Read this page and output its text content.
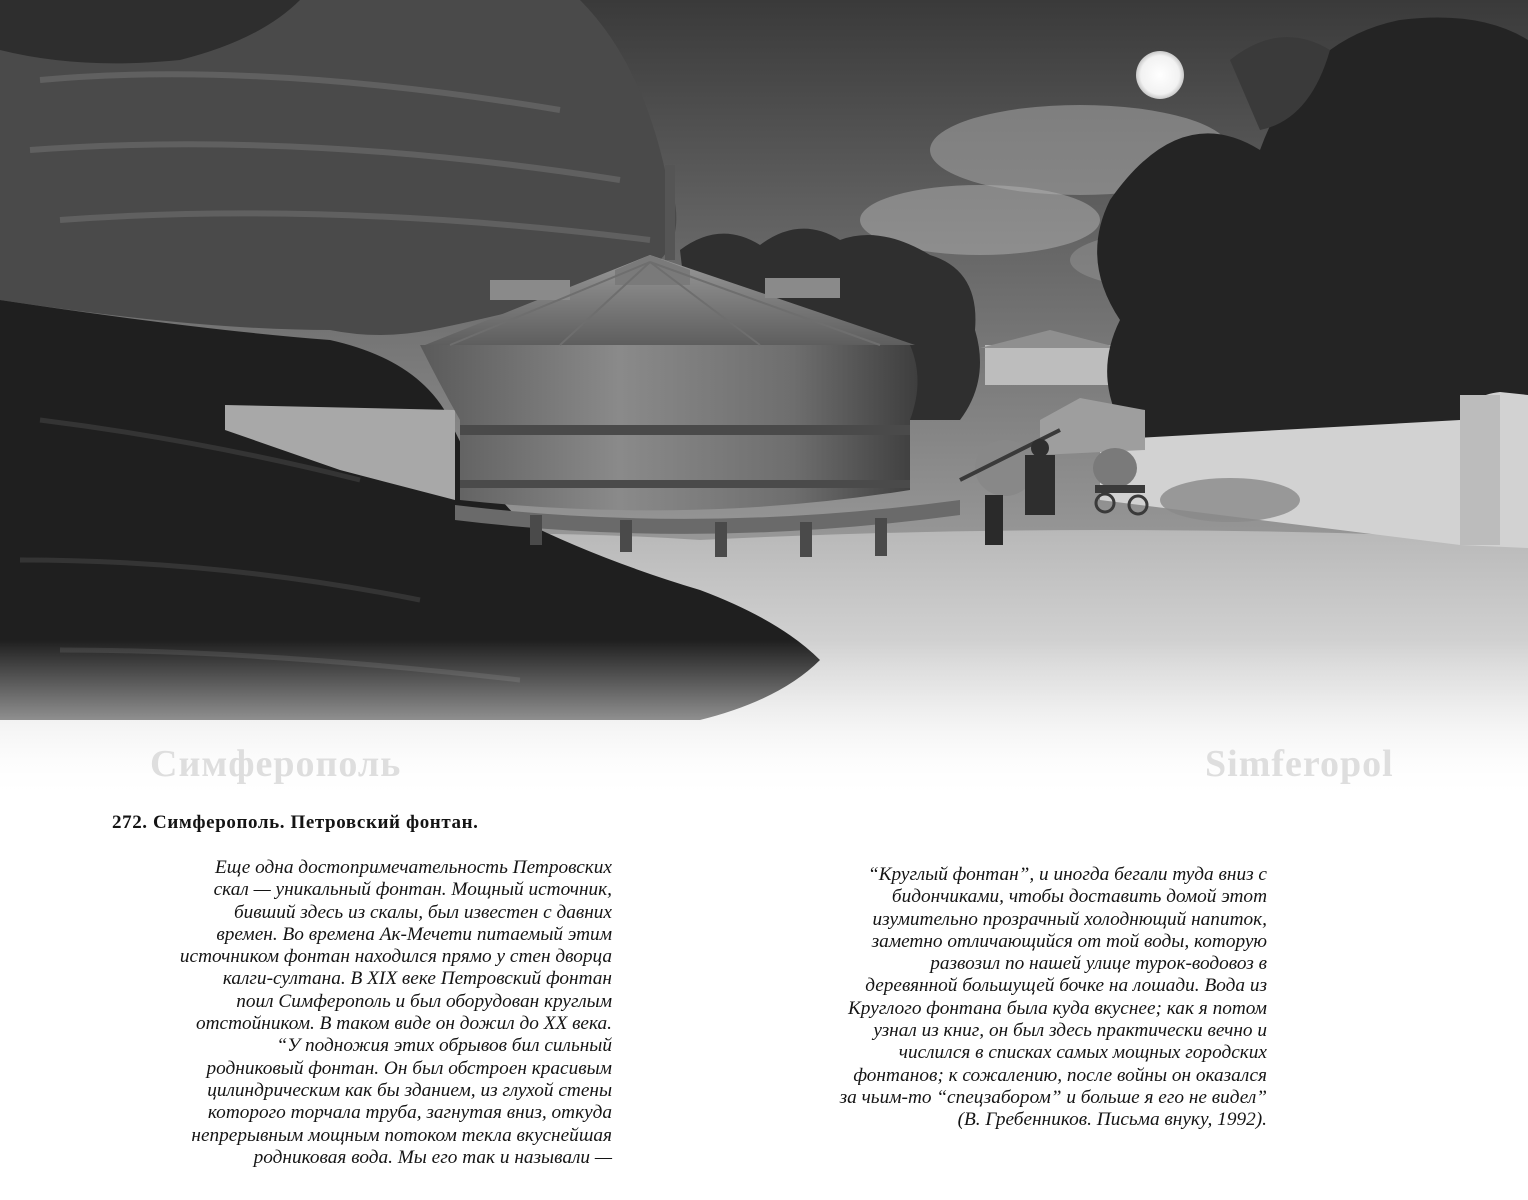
Симферополь	Simferopol
272. Симферополь. Петровский фонтан.
Еще одна достопримечательность Петровских
скал — уникальный фонтан. Мощный источник,
бивший здесь из скалы, был известен с давних
времен. Во времена Ак-Мечети питаемый этим
источником фонтан находился прямо у стен дворца
калги-султана. В XIX веке Петровский фонтан
поил Симферополь и был оборудован круглым
отстойником. В таком виде он дожил до XX века.
“У подножия этих обрывов бил сильный
родниковый фонтан. Он был обстроен красивым
цилиндрическим как бы зданием, из глухой стены
которого торчала труба, загнутая вниз, откуда
непрерывным мощным потоком текла вкуснейшая
родниковая вода. Мы его так и называли —
“Круглый фонтан”, и иногда бегали туда вниз с
бидончиками, чтобы доставить домой этот
изумительно прозрачный холоднющий напиток,
заметно отличающийся от той воды, которую
развозил по нашей улице турок-водовоз в
деревянной большущей бочке на лошади. Вода из
Круглого фонтана была куда вкуснее; как я потом
узнал из книг, он был здесь практически вечно и
числился в списках самых мощных городских
фонтанов; к сожалению, после войны он оказался
за чьим-то “спецзабором” и больше я его не видел”
(В. Гребенников. Письма внуку, 1992).
